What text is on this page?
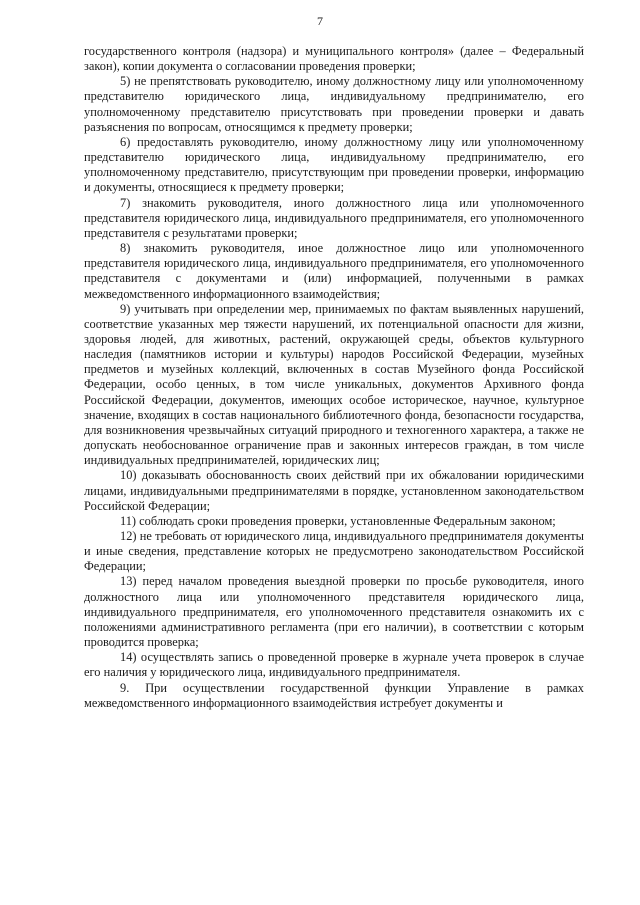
7

государственного контроля (надзора) и муниципального контроля» (далее – Федеральный закон), копии документа о согласовании проведения проверки;

5) не препятствовать руководителю, иному должностному лицу или уполномоченному представителю юридического лица, индивидуальному предпринимателю, его уполномоченному представителю присутствовать при проведении проверки и давать разъяснения по вопросам, относящимся к предмету проверки;

6) предоставлять руководителю, иному должностному лицу или уполномоченному представителю юридического лица, индивидуальному предпринимателю, его уполномоченному представителю, присутствующим при проведении проверки, информацию и документы, относящиеся к предмету проверки;

7) знакомить руководителя, иного должностного лица или уполномоченного представителя юридического лица, индивидуального предпринимателя, его уполномоченного представителя с результатами проверки;

8) знакомить руководителя, иное должностное лицо или уполномоченного представителя юридического лица, индивидуального предпринимателя, его уполномоченного представителя с документами и (или) информацией, полученными в рамках межведомственного информационного взаимодействия;

9) учитывать при определении мер, принимаемых по фактам выявленных нарушений, соответствие указанных мер тяжести нарушений, их потенциальной опасности для жизни, здоровья людей, для животных, растений, окружающей среды, объектов культурного наследия (памятников истории и культуры) народов Российской Федерации, музейных предметов и музейных коллекций, включенных в состав Музейного фонда Российской Федерации, особо ценных, в том числе уникальных, документов Архивного фонда Российской Федерации, документов, имеющих особое историческое, научное, культурное значение, входящих в состав национального библиотечного фонда, безопасности государства, для возникновения чрезвычайных ситуаций природного и техногенного характера, а также не допускать необоснованное ограничение прав и законных интересов граждан, в том числе индивидуальных предпринимателей, юридических лиц;

10) доказывать обоснованность своих действий при их обжаловании юридическими лицами, индивидуальными предпринимателями в порядке, установленном законодательством Российской Федерации;

11) соблюдать сроки проведения проверки, установленные Федеральным законом;

12) не требовать от юридического лица, индивидуального предпринимателя документы и иные сведения, представление которых не предусмотрено законодательством Российской Федерации;

13) перед началом проведения выездной проверки по просьбе руководителя, иного должностного лица или уполномоченного представителя юридического лица, индивидуального предпринимателя, его уполномоченного представителя ознакомить их с положениями административного регламента (при его наличии), в соответствии с которым проводится проверка;

14) осуществлять запись о проведенной проверке в журнале учета проверок в случае его наличия у юридического лица, индивидуального предпринимателя.

9. При осуществлении государственной функции Управление в рамках межведомственного информационного взаимодействия истребует документы и
